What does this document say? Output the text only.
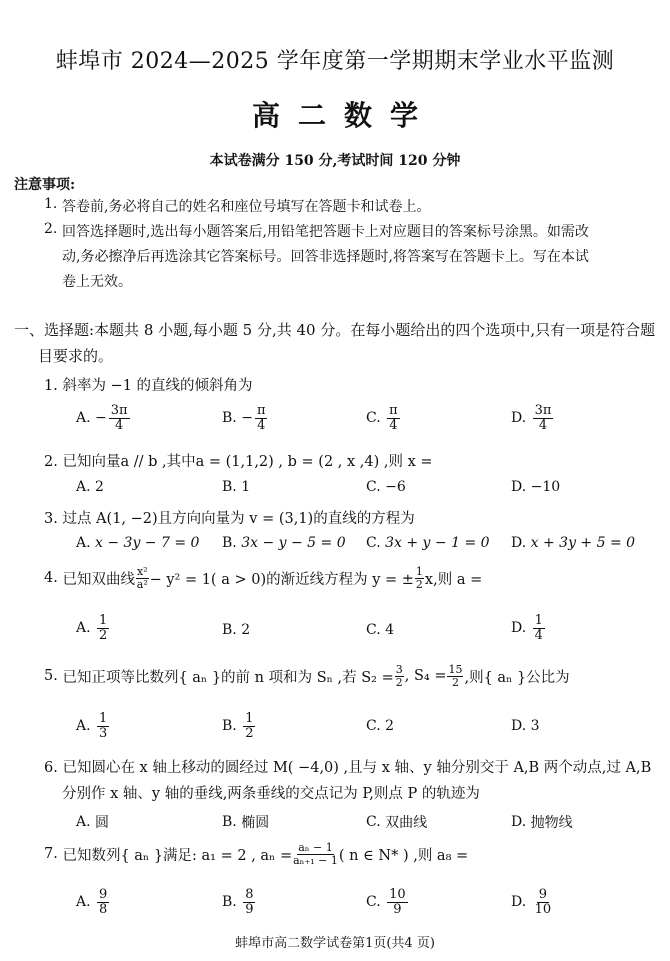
蚌埠市 2024—2025 学年度第一学期期末学业水平监测
高二数学
本试卷满分 150 分,考试时间 120 分钟
注意事项:
1. 答卷前,务必将自己的姓名和座位号填写在答题卡和试卷上。
2. 回答选择题时,选出每小题答案后,用铅笔把答题卡上对应题目的答案标号涂黑。如需改
动,务必擦净后再选涂其它答案标号。回答非选择题时,将答案写在答题卡上。写在本试
卷上无效。
一、选择题:本题共 8 小题,每小题 5 分,共 40 分。在每小题给出的四个选项中,只有一项是符合题
目要求的。
1. 斜率为 −1 的直线的倾斜角为
A.
− $\frac{3\pi}{4}$	B.
− $\frac{\pi}{4}$	C.
$\frac{\pi}{4}$	D.
$\frac{3\pi}{4}$
2. 已知向量a // b ,其中a = (1,1,2) , b = (2 , x ,4) ,则 x =
A.
2	B.
1	C.
−6	D.
−10
3. 过点 A(1, −2)且方向向量为 v = (3,1)的直线的方程为
A.
x − 3y − 7 = 0 B.
3x − y − 5 = 0 C.
3x + y − 1 = 0 D.
x + 3y + 5 = 0
4.
已知双曲线 $\frac{\text{x²}}{\text{a²}} - y^2 = 1$( a > 0)的渐近线方程为 y = ± $\frac{1}{2} x$,则 a =
A.
$\frac{1}{2}$	B.
2	C.
4	D.
$\frac{1}{4}$
5.
已知正项等比数列{ aₙ }的前 n 项和为 Sₙ ,若 $S_2 = \frac{3}{2}$ , $S_4 = \frac{15}{2}$ ,则{ aₙ }公比为
A.
$\frac{1}{3}$	B.
$\frac{1}{2}$	C.
2	D.
3
6. 已知圆心在 x 轴上移动的圆经过 M( −4,0) ,且与 x 轴、y 轴分别交于 A,B 两个动点,过 A,B
分别作 x 轴、y 轴的垂线,两条垂线的交点记为 P,则点 P 的轨迹为
A.
圆	B.
椭圆	C.
双曲线	D.
抛物线
7.
已知数列{ aₙ }满足: a₁ = 2 , $a_n = \frac{\text{aₙ − 1}}{\text{aₙ₊₁ − 1}}$ ( n ∈ N* ) ,则 a₈ =
A.
$\frac{9}{8}$	B.
$\frac{8}{9}$	C.
$\frac{10}{9}$	D.
$\frac{9}{10}$
蚌埠市高二数学试卷第1页(共4 页)
